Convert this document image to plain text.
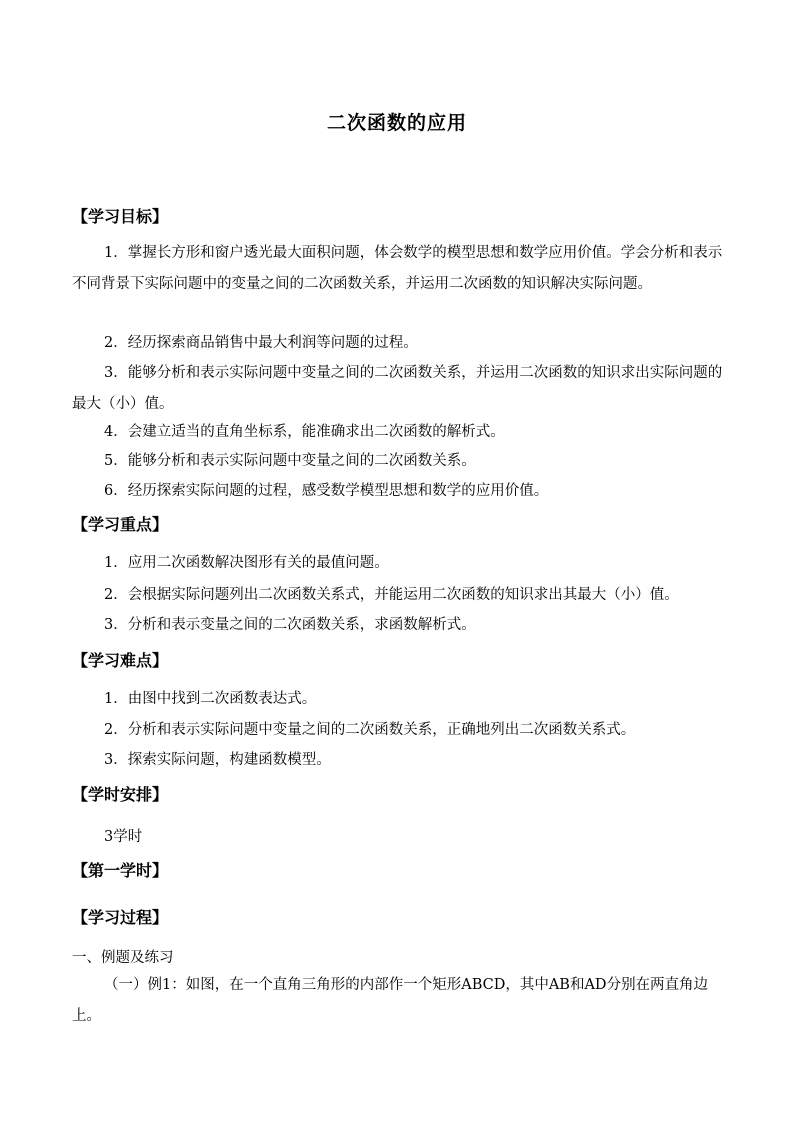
二次函数的应用
【学习目标】
1．掌握长方形和窗户透光最大面积问题，体会数学的模型思想和数学应用价值。学会分析和表示不同背景下实际问题中的变量之间的二次函数关系，并运用二次函数的知识解决实际问题。
2．经历探索商品销售中最大利润等问题的过程。
3．能够分析和表示实际问题中变量之间的二次函数关系，并运用二次函数的知识求出实际问题的最大（小）值。
4．会建立适当的直角坐标系，能准确求出二次函数的解析式。
5．能够分析和表示实际问题中变量之间的二次函数关系。
6．经历探索实际问题的过程，感受数学模型思想和数学的应用价值。
【学习重点】
1．应用二次函数解决图形有关的最值问题。
2．会根据实际问题列出二次函数关系式，并能运用二次函数的知识求出其最大（小）值。
3．分析和表示变量之间的二次函数关系，求函数解析式。
【学习难点】
1．由图中找到二次函数表达式。
2．分析和表示实际问题中变量之间的二次函数关系，正确地列出二次函数关系式。
3．探索实际问题，构建函数模型。
【学时安排】
3学时
【第一学时】
【学习过程】
一、例题及练习
（一）例1：如图，在一个直角三角形的内部作一个矩形ABCD，其中AB和AD分别在两直角边上。
